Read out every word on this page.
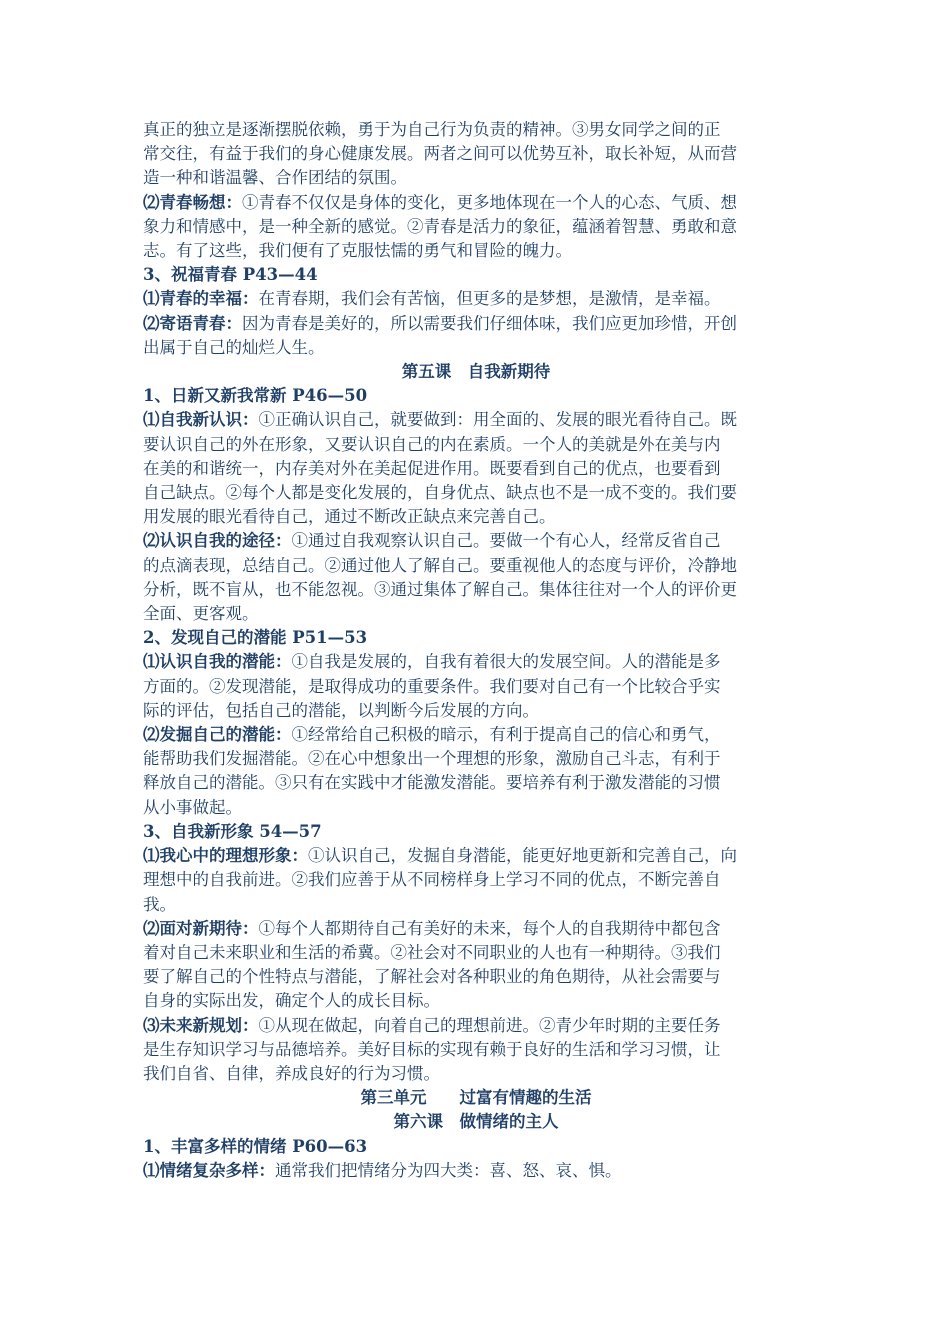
真正的独立是逐渐摆脱依赖，勇于为自己行为负责的精神。③男女同学之间的正
常交往，有益于我们的身心健康发展。两者之间可以优势互补，取长补短，从而营
造一种和谐温馨、合作团结的氛围。
⑵青春畅想：①青春不仅仅是身体的变化，更多地体现在一个人的心态、气质、想
象力和情感中，是一种全新的感觉。②青春是活力的象征，蕴涵着智慧、勇敢和意
志。有了这些，我们便有了克服怯懦的勇气和冒险的魄力。
3、祝福青春 P43—44
⑴青春的幸福：在青春期，我们会有苦恼，但更多的是梦想，是激情，是幸福。
⑵寄语青春：因为青春是美好的，所以需要我们仔细体味，我们应更加珍惜，开创
出属于自己的灿烂人生。
第五课　自我新期待
1、日新又新我常新 P46—50
⑴自我新认识：①正确认识自己，就要做到：用全面的、发展的眼光看待自己。既
要认识自己的外在形象，又要认识自己的内在素质。一个人的美就是外在美与内
在美的和谐统一，内存美对外在美起促进作用。既要看到自己的优点，也要看到
自己缺点。②每个人都是变化发展的，自身优点、缺点也不是一成不变的。我们要
用发展的眼光看待自己，通过不断改正缺点来完善自己。
⑵认识自我的途径：①通过自我观察认识自己。要做一个有心人，经常反省自己
的点滴表现，总结自己。②通过他人了解自己。要重视他人的态度与评价，冷静地
分析，既不盲从，也不能忽视。③通过集体了解自己。集体往往对一个人的评价更
全面、更客观。
2、发现自己的潜能 P51—53
⑴认识自我的潜能：①自我是发展的，自我有着很大的发展空间。人的潜能是多
方面的。②发现潜能，是取得成功的重要条件。我们要对自己有一个比较合乎实
际的评估，包括自己的潜能，以判断今后发展的方向。
⑵发掘自己的潜能：①经常给自己积极的暗示，有利于提高自己的信心和勇气，
能帮助我们发掘潜能。②在心中想象出一个理想的形象，激励自己斗志，有利于
释放自己的潜能。③只有在实践中才能激发潜能。要培养有利于激发潜能的习惯
从小事做起。
3、自我新形象 54—57
⑴我心中的理想形象：①认识自己，发掘自身潜能，能更好地更新和完善自己，向
理想中的自我前进。②我们应善于从不同榜样身上学习不同的优点，不断完善自
我。
⑵面对新期待：①每个人都期待自己有美好的未来，每个人的自我期待中都包含
着对自己未来职业和生活的希冀。②社会对不同职业的人也有一种期待。③我们
要了解自己的个性特点与潜能，了解社会对各种职业的角色期待，从社会需要与
自身的实际出发，确定个人的成长目标。
⑶未来新规划：①从现在做起，向着自己的理想前进。②青少年时期的主要任务
是生存知识学习与品德培养。美好目标的实现有赖于良好的生活和学习习惯，让
我们自省、自律，养成良好的行为习惯。
第三单元　　过富有情趣的生活
第六课　做情绪的主人
1、丰富多样的情绪 P60—63
⑴情绪复杂多样：通常我们把情绪分为四大类：喜、怒、哀、惧。
